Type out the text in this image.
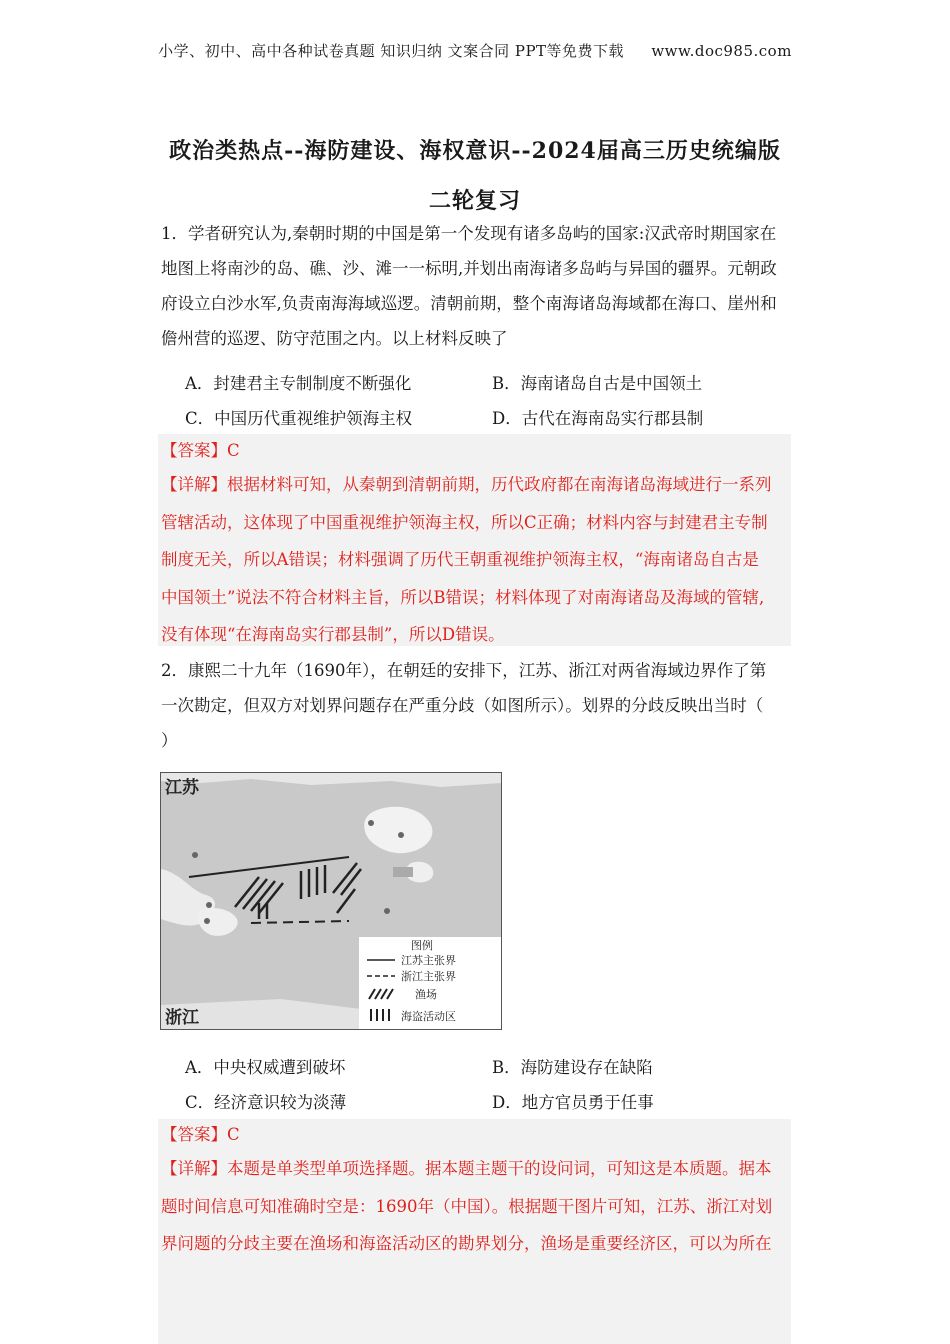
小学、初中、高中各种试卷真题 知识归纳 文案合同 PPT等免费下载 www.doc985.com
政治类热点--海防建设、海权意识--2024届高三历史统编版
二轮复习
1．学者研究认为,秦朝时期的中国是第一个发现有诸多岛屿的国家:汉武帝时期国家在
地图上将南沙的岛、礁、沙、滩一一标明,并划出南海诸多岛屿与异国的疆界。元朝政
府设立白沙水军,负责南海海域巡逻。清朝前期，整个南海诸岛海域都在海口、崖州和
儋州营的巡逻、防守范围之内。以上材料反映了
A．封建君主专制制度不断强化	B．海南诸岛自古是中国领土
C．中国历代重视维护领海主权	D．古代在海南岛实行郡县制
【答案】C
【详解】根据材料可知，从秦朝到清朝前期，历代政府都在南海诸岛海域进行一系列
管辖活动，这体现了中国重视维护领海主权，所以C正确；材料内容与封建君主专制
制度无关，所以A错误；材料强调了历代王朝重视维护领海主权，“海南诸岛自古是
中国领土”说法不符合材料主旨，所以B错误；材料体现了对南海诸岛及海域的管辖,
没有体现“在海南岛实行郡县制”，所以D错误。
2．康熙二十九年（1690年），在朝廷的安排下，江苏、浙江对两省海域边界作了第
一次勘定，但双方对划界问题存在严重分歧（如图所示）。划界的分歧反映出当时（
）
江苏
浙江
图例
江苏主张界
浙江主张界
渔场
海盗活动区
A．中央权威遭到破坏	B．海防建设存在缺陷
C．经济意识较为淡薄	D．地方官员勇于任事
【答案】C
【详解】本题是单类型单项选择题。据本题主题干的设问词，可知这是本质题。据本
题时间信息可知准确时空是：1690年（中国）。根据题干图片可知，江苏、浙江对划
界问题的分歧主要在渔场和海盗活动区的勘界划分，渔场是重要经济区，可以为所在
